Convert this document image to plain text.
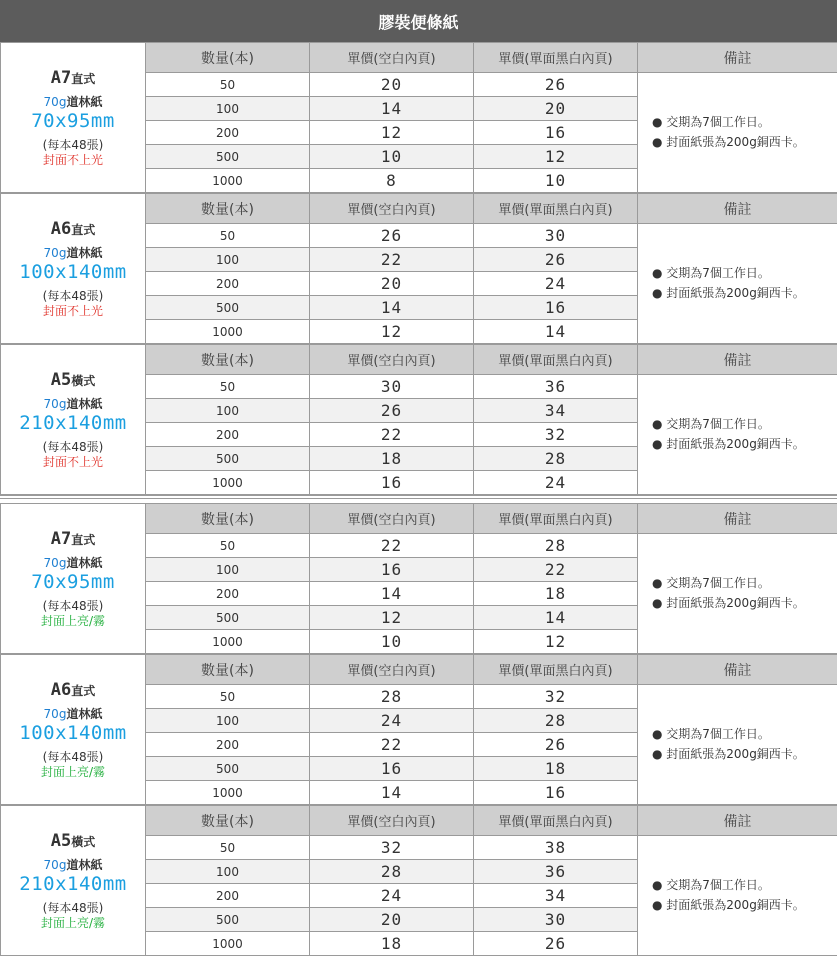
膠裝便條紙
A7直式
70g道林紙
70x95mm
(每本48張)
封面不上光	數量(本)	單價(空白內頁)	單價(單面黑白內頁)	備註
	50	20	26	● 交期為7個工作日。
● 封面紙張為200g銅西卡。

	100	14	20	
	200	12	16	
	500	10	12	
	1000	8	10	
A6直式
70g道林紙
100x140mm
(每本48張)
封面不上光	數量(本)	單價(空白內頁)	單價(單面黑白內頁)	備註
	50	26	30	● 交期為7個工作日。
● 封面紙張為200g銅西卡。

	100	22	26	
	200	20	24	
	500	14	16	
	1000	12	14	
A5橫式
70g道林紙
210x140mm
(每本48張)
封面不上光	數量(本)	單價(空白內頁)	單價(單面黑白內頁)	備註
	50	30	36	● 交期為7個工作日。
● 封面紙張為200g銅西卡。

	100	26	34	
	200	22	32	
	500	18	28	
	1000	16	24	
A7直式
70g道林紙
70x95mm
(每本48張)
封面上亮/霧	數量(本)	單價(空白內頁)	單價(單面黑白內頁)	備註
	50	22	28	● 交期為7個工作日。
● 封面紙張為200g銅西卡。

	100	16	22	
	200	14	18	
	500	12	14	
	1000	10	12	
A6直式
70g道林紙
100x140mm
(每本48張)
封面上亮/霧	數量(本)	單價(空白內頁)	單價(單面黑白內頁)	備註
	50	28	32	● 交期為7個工作日。
● 封面紙張為200g銅西卡。

	100	24	28	
	200	22	26	
	500	16	18	
	1000	14	16	
A5橫式
70g道林紙
210x140mm
(每本48張)
封面上亮/霧	數量(本)	單價(空白內頁)	單價(單面黑白內頁)	備註
	50	32	38	● 交期為7個工作日。
● 封面紙張為200g銅西卡。

	100	28	36	
	200	24	34	
	500	20	30	
	1000	18	26	
